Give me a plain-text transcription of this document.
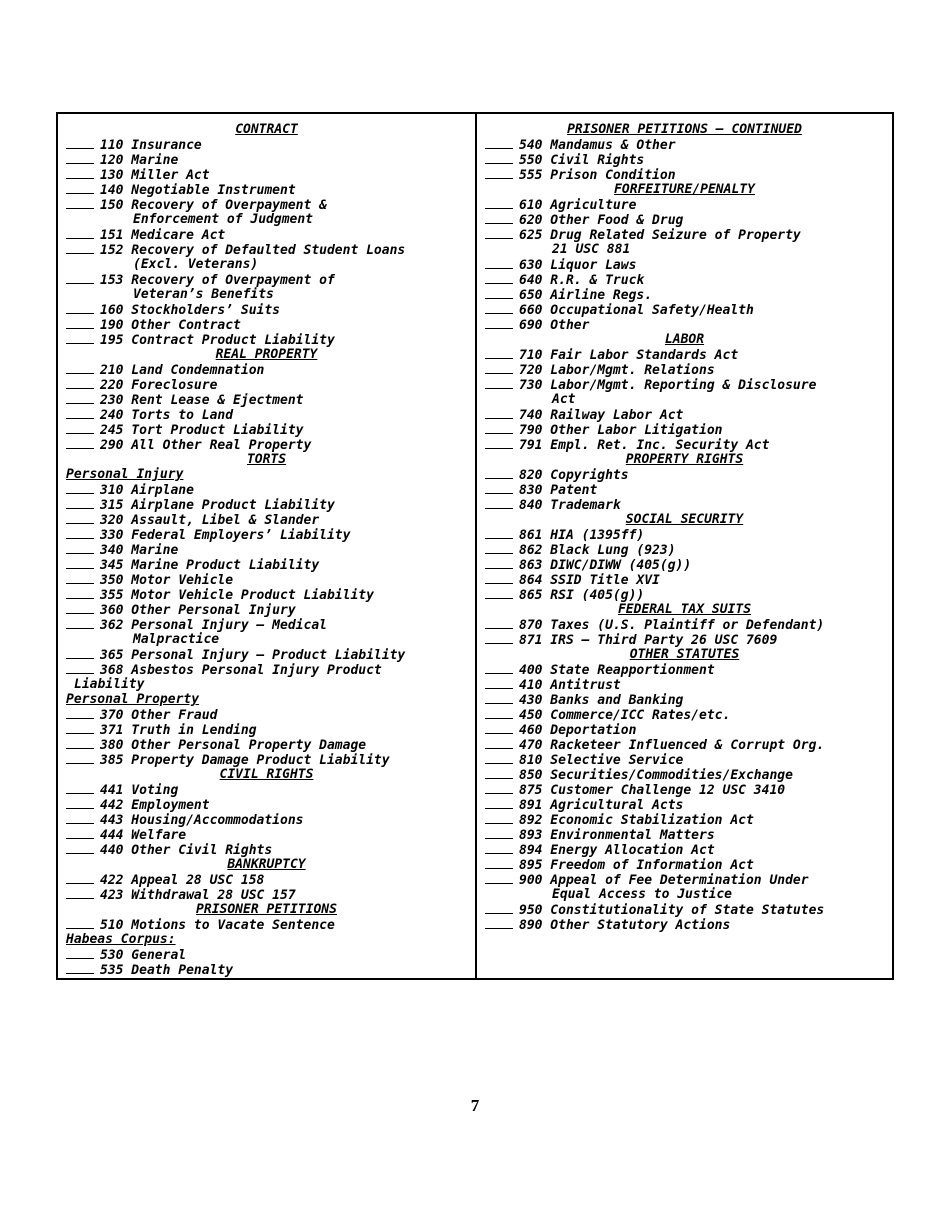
CONTRACT
110 Insurance
120 Marine
130 Miller Act
140 Negotiable Instrument
150 Recovery of Overpayment &
Enforcement of Judgment
151 Medicare Act
152 Recovery of Defaulted Student Loans
(Excl. Veterans)
153 Recovery of Overpayment of
Veteran’s Benefits
160 Stockholders’ Suits
190 Other Contract
195 Contract Product Liability
REAL PROPERTY
210 Land Condemnation
220 Foreclosure
230 Rent Lease & Ejectment
240 Torts to Land
245 Tort Product Liability
290 All Other Real Property
TORTS
Personal Injury
310 Airplane
315 Airplane Product Liability
320 Assault, Libel & Slander
330 Federal Employers’ Liability
340 Marine
345 Marine Product Liability
350 Motor Vehicle
355 Motor Vehicle Product Liability
360 Other Personal Injury
362 Personal Injury – Medical
Malpractice
365 Personal Injury – Product Liability
368 Asbestos Personal Injury Product
Liability
Personal Property
370 Other Fraud
371 Truth in Lending
380 Other Personal Property Damage
385 Property Damage Product Liability
CIVIL RIGHTS
441 Voting
442 Employment
443 Housing/Accommodations
444 Welfare
440 Other Civil Rights
BANKRUPTCY
422 Appeal 28 USC 158
423 Withdrawal 28 USC 157
PRISONER PETITIONS
510 Motions to Vacate Sentence
Habeas Corpus:
530 General
535 Death Penalty
PRISONER PETITIONS – CONTINUED
540 Mandamus & Other
550 Civil Rights
555 Prison Condition
FORFEITURE/PENALTY
610 Agriculture
620 Other Food & Drug
625 Drug Related Seizure of Property
21 USC 881
630 Liquor Laws
640 R.R. & Truck
650 Airline Regs.
660 Occupational Safety/Health
690 Other
LABOR
710 Fair Labor Standards Act
720 Labor/Mgmt. Relations
730 Labor/Mgmt. Reporting & Disclosure
Act
740 Railway Labor Act
790 Other Labor Litigation
791 Empl. Ret. Inc. Security Act
PROPERTY RIGHTS
820 Copyrights
830 Patent
840 Trademark
SOCIAL SECURITY
861 HIA (1395ff)
862 Black Lung (923)
863 DIWC/DIWW (405(g))
864 SSID Title XVI
865 RSI (405(g))
FEDERAL TAX SUITS
870 Taxes (U.S. Plaintiff or Defendant)
871 IRS – Third Party 26 USC 7609
OTHER STATUTES
400 State Reapportionment
410 Antitrust
430 Banks and Banking
450 Commerce/ICC Rates/etc.
460 Deportation
470 Racketeer Influenced & Corrupt Org.
810 Selective Service
850 Securities/Commodities/Exchange
875 Customer Challenge 12 USC 3410
891 Agricultural Acts
892 Economic Stabilization Act
893 Environmental Matters
894 Energy Allocation Act
895 Freedom of Information Act
900 Appeal of Fee Determination Under
Equal Access to Justice
950 Constitutionality of State Statutes
890 Other Statutory Actions
7
